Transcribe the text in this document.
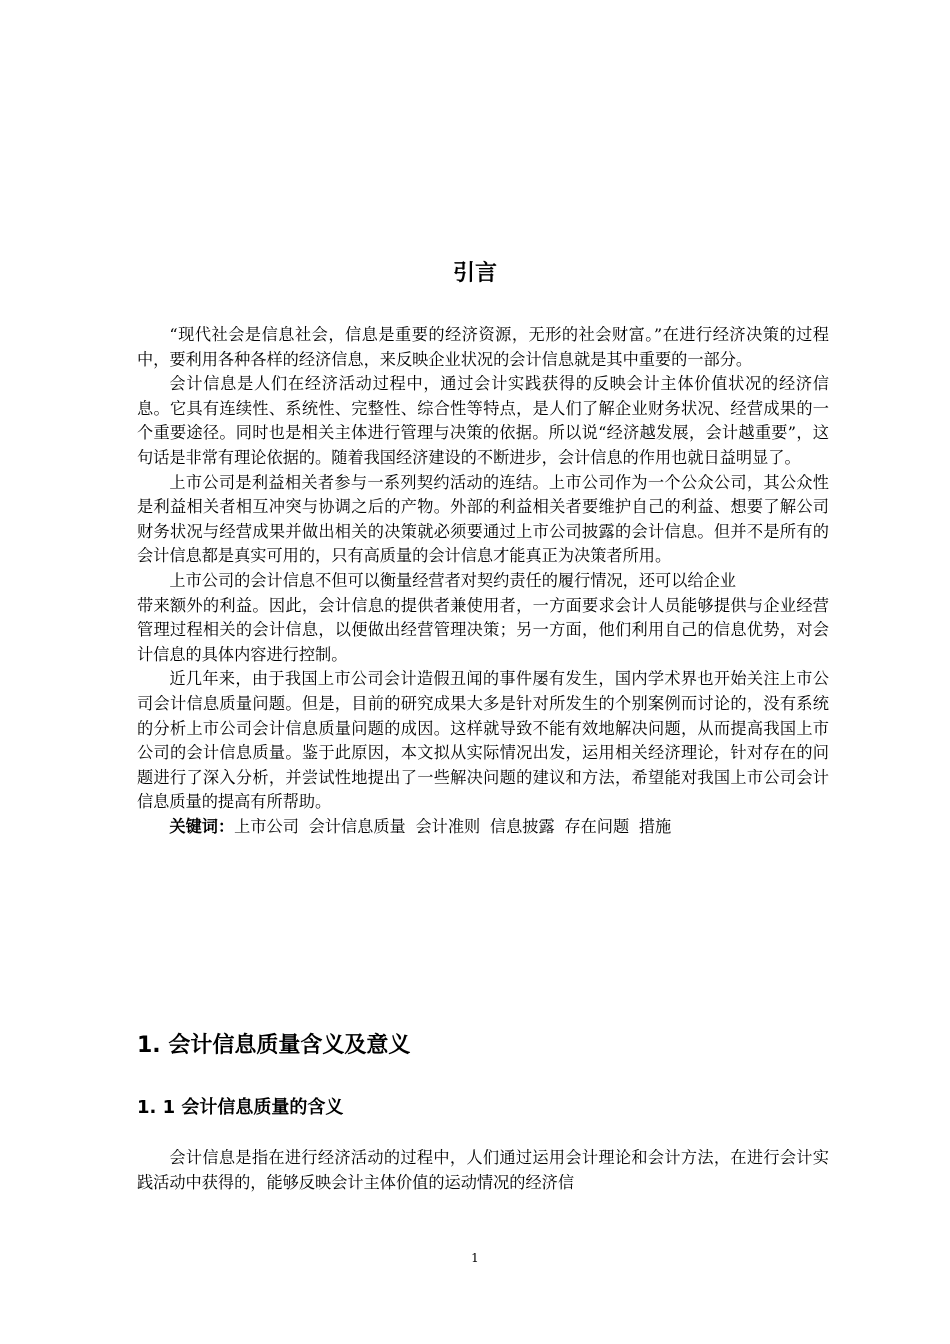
引言

“现代社会是信息社会，信息是重要的经济资源，无形的社会财富。”在进行经济决策的过程中，要利用各种各样的经济信息，来反映企业状况的会计信息就是其中重要的一部分。

会计信息是人们在经济活动过程中，通过会计实践获得的反映会计主体价值状况的经济信息。它具有连续性、系统性、完整性、综合性等特点，是人们了解企业财务状况、经营成果的一个重要途径。同时也是相关主体进行管理与决策的依据。所以说“经济越发展，会计越重要”，这句话是非常有理论依据的。随着我国经济建设的不断进步，会计信息的作用也就日益明显了。

上市公司是利益相关者参与一系列契约活动的连结。上市公司作为一个公众公司，其公众性是利益相关者相互冲突与协调之后的产物。外部的利益相关者要维护自己的利益、想要了解公司财务状况与经营成果并做出相关的决策就必须要通过上市公司披露的会计信息。但并不是所有的会计信息都是真实可用的，只有高质量的会计信息才能真正为决策者所用。

上市公司的会计信息不但可以衡量经营者对契约责任的履行情况，还可以给企业

带来额外的利益。因此，会计信息的提供者兼使用者，一方面要求会计人员能够提供与企业经营管理过程相关的会计信息，以便做出经营管理决策；另一方面，他们利用自己的信息优势，对会计信息的具体内容进行控制。

近几年来，由于我国上市公司会计造假丑闻的事件屡有发生，国内学术界也开始关注上市公司会计信息质量问题。但是，目前的研究成果大多是针对所发生的个别案例而讨论的，没有系统的分析上市公司会计信息质量问题的成因。这样就导致不能有效地解决问题，从而提高我国上市公司的会计信息质量。鉴于此原因，本文拟从实际情况出发，运用相关经济理论，针对存在的问题进行了深入分析，并尝试性地提出了一些解决问题的建议和方法，希望能对我国上市公司会计信息质量的提高有所帮助。

关键词：上市公司 会计信息质量 会计准则 信息披露 存在问题 措施

1. 会计信息质量含义及意义
1. 1 会计信息质量的含义

会计信息是指在进行经济活动的过程中，人们通过运用会计理论和会计方法，在进行会计实践活动中获得的，能够反映会计主体价值的运动情况的经济信

1
